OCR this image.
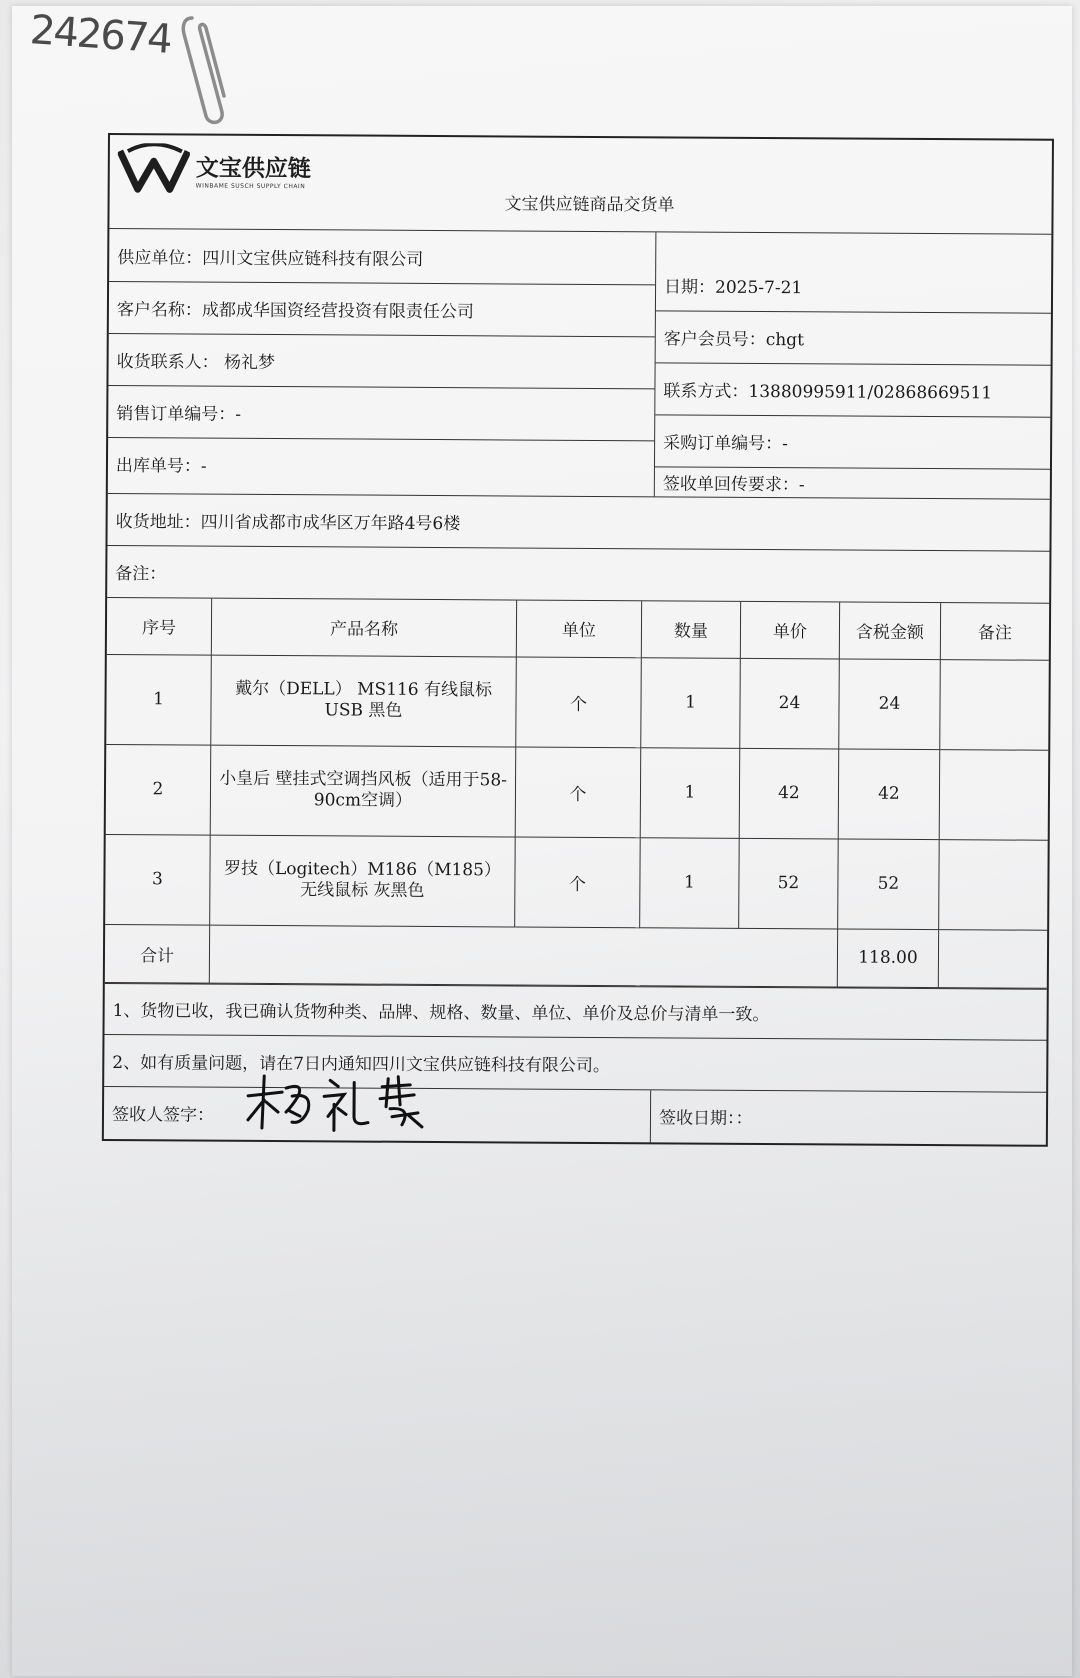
242674
文宝供应链
WINBAME SUSCH SUPPLY CHAIN
文宝供应链商品交货单
供应单位：四川文宝供应链科技有限公司
客户名称：成都成华国资经营投资有限责任公司
收货联系人： 杨礼梦
销售订单编号：-
出库单号：-
日期：2025-7-21
客户会员号：chgt
联系方式：13880995911/02868669511
采购订单编号：-
签收单回传要求：-
收货地址：四川省成都市成华区万年路4号6楼
备注：
序号	产品名称	单位	数量	单价	含税金额	备注
1	戴尔（DELL） MS116 有线鼠标 USB 黑色	个	1	24	24	
2	小皇后 壁挂式空调挡风板（适用于58-90cm空调）	个	1	42	42	
3	罗技（Logitech）M186（M185） 无线鼠标 灰黑色	个	1	52	52	
合计					118.00	
1、货物已收，我已确认货物种类、品牌、规格、数量、单位、单价及总价与清单一致。
2、如有质量问题，请在7日内通知四川文宝供应链科技有限公司。
签收人签字：	签收日期：：
